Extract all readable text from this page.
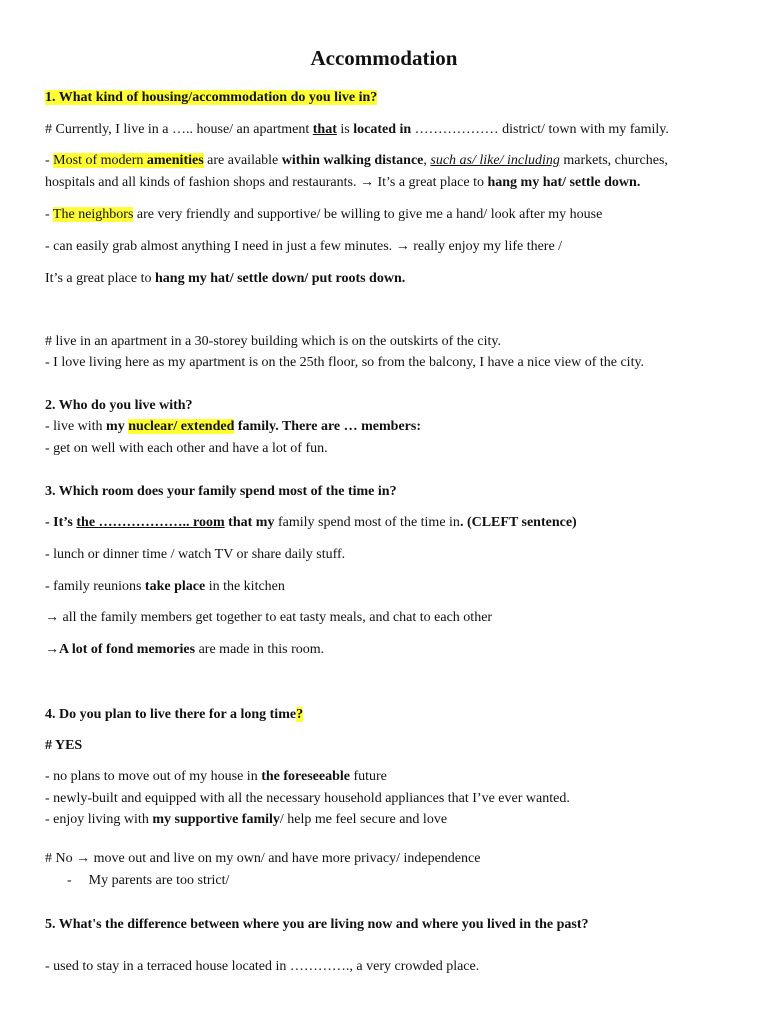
Accommodation
1. What kind of housing/accommodation do you live in?
# Currently, I live in a ….. house/ an apartment that is located in ……………… district/ town with my family.
- Most of modern amenities are available within walking distance, such as/ like/ including markets, churches,
hospitals and all kinds of fashion shops and restaurants. → It’s a great place to hang my hat/ settle down.
- The neighbors are very friendly and supportive/ be willing to give me a hand/ look after my house
- can easily grab almost anything I need in just a few minutes. → really enjoy my life there /
It’s a great place to hang my hat/ settle down/ put roots down.
# live in an apartment in a 30-storey building which is on the outskirts of the city.
- I love living here as my apartment is on the 25th floor, so from the balcony, I have a nice view of the city.
2. Who do you live with?
- live with my nuclear/ extended family. There are … members:
- get on well with each other and have a lot of fun.
3. Which room does your family spend most of the time in?
- It’s the ……………….. room that my family spend most of the time in. (CLEFT sentence)
- lunch or dinner time / watch TV or share daily stuff.
- family reunions take place in the kitchen
→ all the family members get together to eat tasty meals, and chat to each other
→A lot of fond memories are made in this room.
4. Do you plan to live there for a long time?
# YES
- no plans to move out of my house in the foreseeable future
- newly-built and equipped with all the necessary household appliances that I’ve ever wanted.
- enjoy living with my supportive family/ help me feel secure and love
# No → move out and live on my own/ and have more privacy/ independence
- My parents are too strict/
5. What's the difference between where you are living now and where you lived in the past?
- used to stay in a terraced house located in …………., a very crowded place.
